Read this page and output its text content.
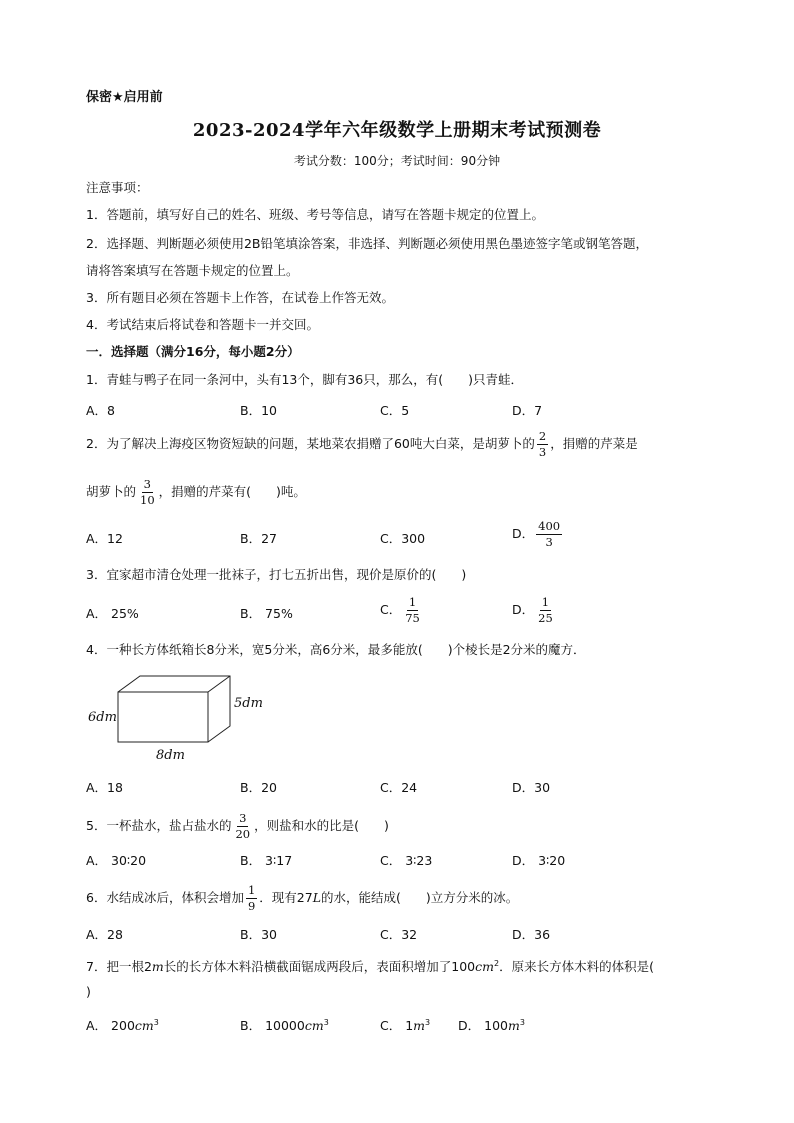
保密★启用前
2023-2024学年六年级数学上册期末考试预测卷
考试分数：100分；考试时间：90分钟
注意事项：
1．答题前，填写好自己的姓名、班级、考号等信息，请写在答题卡规定的位置上。
2．选择题、判断题必须使用2B铅笔填涂答案，非选择、判断题必须使用黑色墨迹签字笔或钢笔答题，
请将答案填写在答题卡规定的位置上。
3．所有题目必须在答题卡上作答，在试卷上作答无效。
4．考试结束后将试卷和答题卡一并交回。
一．选择题（满分16分，每小题2分）
1．青蛙与鸭子在同一条河中，头有13个，脚有36只，那么，有(　　)只青蛙．
A．8	B．10	C．5	D．7
2．为了解决上海疫区物资短缺的问题，某地菜农捐赠了60吨大白菜，是胡萝卜的 $\frac{2}{3}$ ，捐赠的芹菜是
胡萝卜的 $\frac{3}{10}$ ，捐赠的芹菜有(　　)吨。
A．12	B．27	C．300	D． $\frac{400}{3}$
3．宜家超市清仓处理一批袜子，打七五折出售，现价是原价的(　　)
A． 25%	B． 75%	C． $\frac{1}{75}$	D． $\frac{1}{25}$
4．一种长方体纸箱长8分米，宽5分米，高6分米，最多能放(　　)个棱长是2分米的魔方．
6dm
5dm
8dm
A．18	B．20	C．24	D．30
5．一杯盐水，盐占盐水的 $\frac{3}{20}$ ，则盐和水的比是(　　)
A． 30∶20	B． 3∶17	C． 3∶23	D． 3∶20
6．水结成冰后，体积会增加 $\frac{1}{9}$ ．现有27L的水，能结成(　　)立方分米的冰。
A．28	B．30	C．32	D．36
7．把一根2m长的长方体木料沿横截面锯成两段后，表面积增加了$100cm^2$．原来长方体木料的体积是(
)
A． $200cm^3$	B． $10000cm^3$	C． $1m^3$ D． $100m^3$
